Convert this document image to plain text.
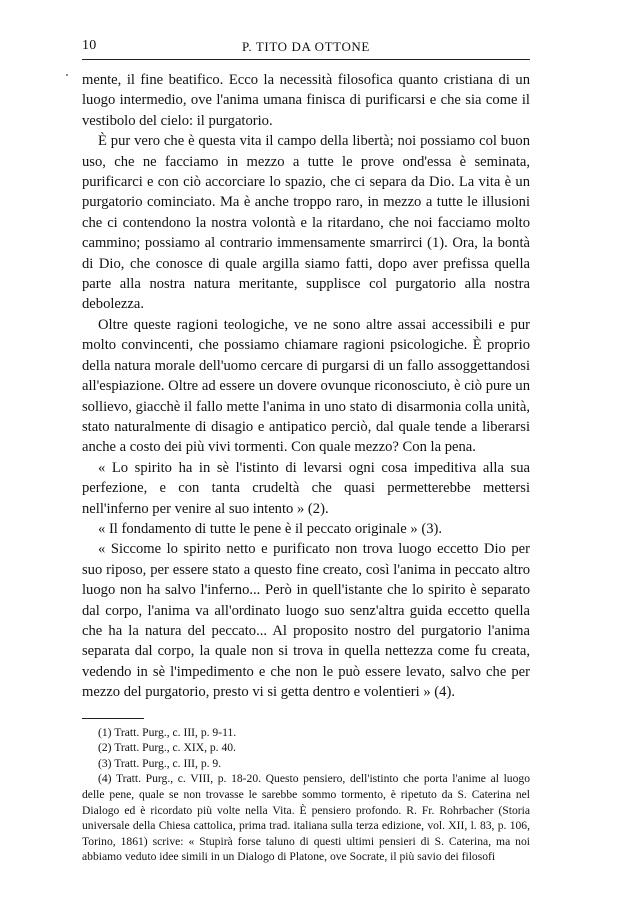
10	P. TITO DA OTTONE

mente, il fine beatifico. Ecco la necessità filosofica quanto cristiana di un luogo intermedio, ove l'anima umana finisca di purificarsi e che sia come il vestibolo del cielo: il purgatorio.

È pur vero che è questa vita il campo della libertà; noi possiamo col buon uso, che ne facciamo in mezzo a tutte le prove ond'essa è seminata, purificarci e con ciò accorciare lo spazio, che ci separa da Dio. La vita è un purgatorio cominciato. Ma è anche troppo raro, in mezzo a tutte le illusioni che ci contendono la nostra volontà e la ritardano, che noi facciamo molto cammino; possiamo al contrario immensamente smarrirci (1). Ora, la bontà di Dio, che conosce di quale argilla siamo fatti, dopo aver prefissa quella parte alla nostra natura meritante, supplisce col purgatorio alla nostra debolezza.

Oltre queste ragioni teologiche, ve ne sono altre assai accessibili e pur molto convincenti, che possiamo chiamare ragioni psicologiche. È proprio della natura morale dell'uomo cercare di purgarsi di un fallo assoggettandosi all'espiazione. Oltre ad essere un dovere ovunque riconosciuto, è ciò pure un sollievo, giacchè il fallo mette l'anima in uno stato di disarmonia colla unità, stato naturalmente di disagio e antipatico perciò, dal quale tende a liberarsi anche a costo dei più vivi tormenti. Con quale mezzo? Con la pena.

« Lo spirito ha in sè l'istinto di levarsi ogni cosa impeditiva alla sua perfezione, e con tanta crudeltà che quasi permetterebbe mettersi nell'inferno per venire al suo intento » (2).

« Il fondamento di tutte le pene è il peccato originale » (3).

« Siccome lo spirito netto e purificato non trova luogo eccetto Dio per suo riposo, per essere stato a questo fine creato, così l'anima in peccato altro luogo non ha salvo l'inferno... Però in quell'istante che lo spirito è separato dal corpo, l'anima va all'ordinato luogo suo senz'altra guida eccetto quella che ha la natura del peccato... Al proposito nostro del purgatorio l'anima separata dal corpo, la quale non si trova in quella nettezza come fu creata, vedendo in sè l'impedimento e che non le può essere levato, salvo che per mezzo del purgatorio, presto vi si getta dentro e volentieri » (4).

(1) Tratt. Purg., c. III, p. 9-11.

(2) Tratt. Purg., c. XIX, p. 40.

(3) Tratt. Purg., c. III, p. 9.

(4) Tratt. Purg., c. VIII, p. 18-20. Questo pensiero, dell'istinto che porta l'anime al luogo delle pene, quale se non trovasse le sarebbe sommo tormento, è ripetuto da S. Caterina nel Dialogo ed è ricordato più volte nella Vita. È pensiero profondo. R. Fr. Rohrbacher (Storia universale della Chiesa cattolica, prima trad. italiana sulla terza edizione, vol. XII, l. 83, p. 106, Torino, 1861) scrive: « Stupirà forse taluno di questi ultimi pensieri di S. Caterina, ma noi abbiamo veduto idee simili in un Dialogo di Platone, ove Socrate, il più savio dei filosofi
